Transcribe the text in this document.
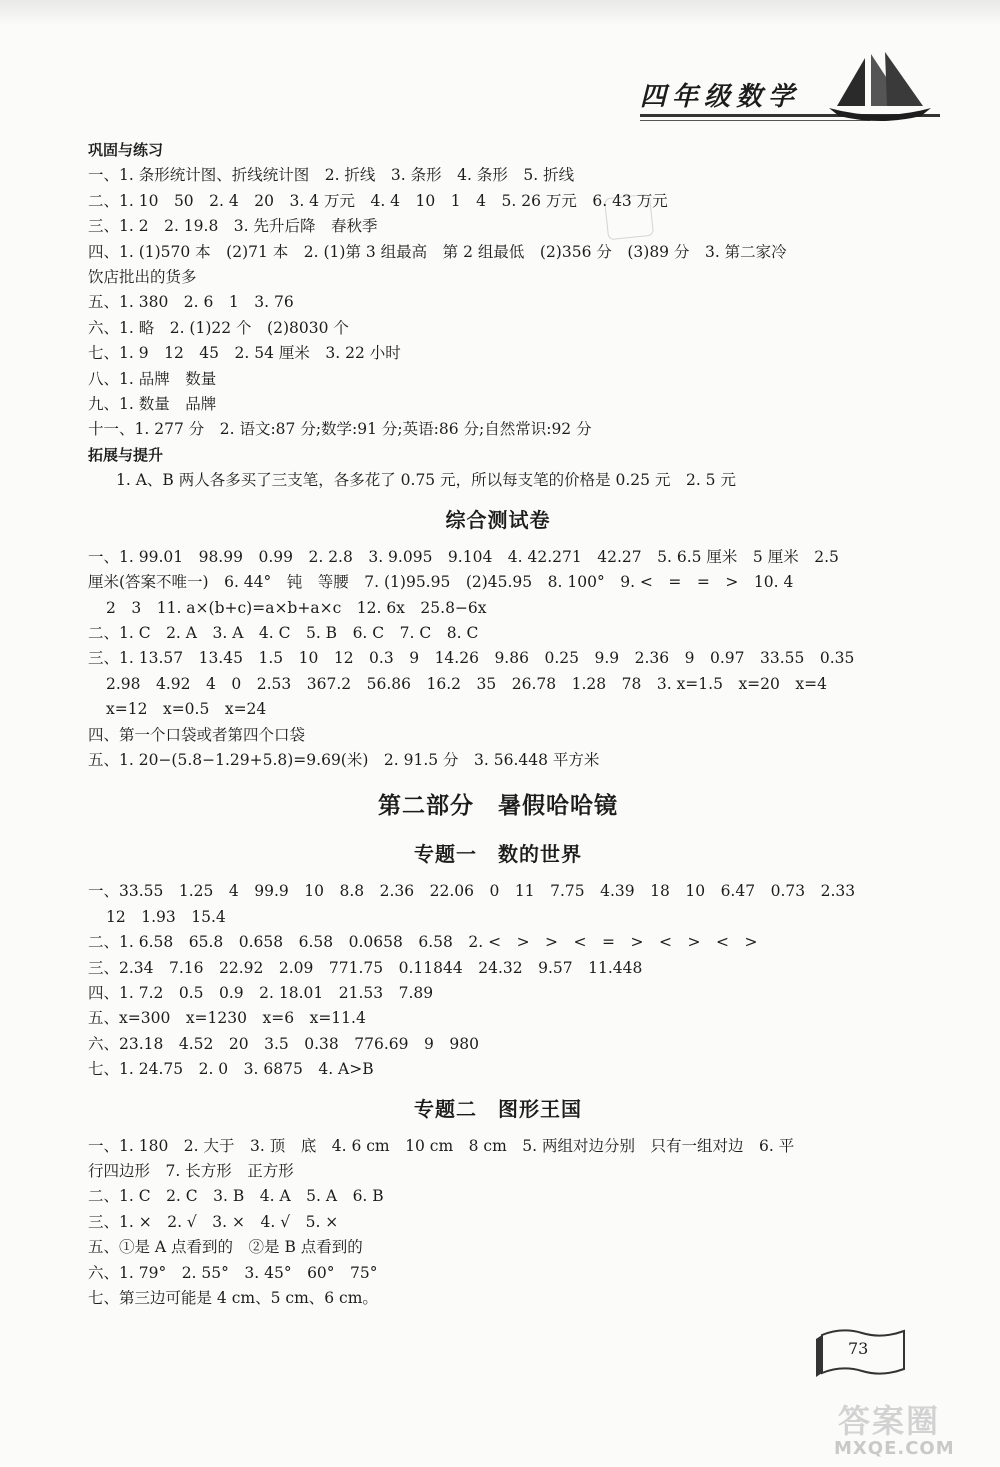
四年级数学
巩固与练习
一、1. 条形统计图、折线统计图　2. 折线　3. 条形　4. 条形　5. 折线
二、1. 10　50　2. 4　20　3. 4 万元　4. 4　10　1　4　5. 26 万元　6. 43 万元
三、1. 2　2. 19.8　3. 先升后降　春秋季
四、1. (1)570 本　(2)71 本　2. (1)第 3 组最高　第 2 组最低　(2)356 分　(3)89 分　3. 第二家冷
饮店批出的货多
五、1. 380　2. 6　1　3. 76
六、1. 略　2. (1)22 个　(2)8030 个
七、1. 9　12　45　2. 54 厘米　3. 22 小时
八、1. 品牌　数量
九、1. 数量　品牌
十一、1. 277 分　2. 语文:87 分;数学:91 分;英语:86 分;自然常识:92 分
拓展与提升
1. A、B 两人各多买了三支笔，各多花了 0.75 元，所以每支笔的价格是 0.25 元　2. 5 元
综合测试卷
一、1. 99.01　98.99　0.99　2. 2.8　3. 9.095　9.104　4. 42.271　42.27　5. 6.5 厘米　5 厘米　2.5
厘米(答案不唯一)　6. 44°　钝　等腰　7. (1)95.95　(2)45.95　8. 100°　9. <　=　=　>　10. 4
2　3　11. a×(b+c)=a×b+a×c　12. 6x　25.8−6x
二、1. C　2. A　3. A　4. C　5. B　6. C　7. C　8. C
三、1. 13.57　13.45　1.5　10　12　0.3　9　14.26　9.86　0.25　9.9　2.36　9　0.97　33.55　0.35
2.98　4.92　4　0　2.53　367.2　56.86　16.2　35　26.78　1.28　78　3. x=1.5　x=20　x=4
x=12　x=0.5　x=24
四、第一个口袋或者第四个口袋
五、1. 20−(5.8−1.29+5.8)=9.69(米)　2. 91.5 分　3. 56.448 平方米
第二部分　暑假哈哈镜
专题一　数的世界
一、33.55　1.25　4　99.9　10　8.8　2.36　22.06　0　11　7.75　4.39　18　10　6.47　0.73　2.33
12　1.93　15.4
二、1. 6.58　65.8　0.658　6.58　0.0658　6.58　2. <　>　>　<　=　>　<　>　<　>
三、2.34　7.16　22.92　2.09　771.75　0.11844　24.32　9.57　11.448
四、1. 7.2　0.5　0.9　2. 18.01　21.53　7.89
五、x=300　x=1230　x=6　x=11.4
六、23.18　4.52　20　3.5　0.38　776.69　9　980
七、1. 24.75　2. 0　3. 6875　4. A>B
专题二　图形王国
一、1. 180　2. 大于　3. 顶　底　4. 6 cm　10 cm　8 cm　5. 两组对边分别　只有一组对边　6. 平
行四边形　7. 长方形　正方形
二、1. C　2. C　3. B　4. A　5. A　6. B
三、1. ×　2. √　3. ×　4. √　5. ×
五、①是 A 点看到的　②是 B 点看到的
六、1. 79°　2. 55°　3. 45°　60°　75°
七、第三边可能是 4 cm、5 cm、6 cm。
73
答案圈
MXQE.COM
